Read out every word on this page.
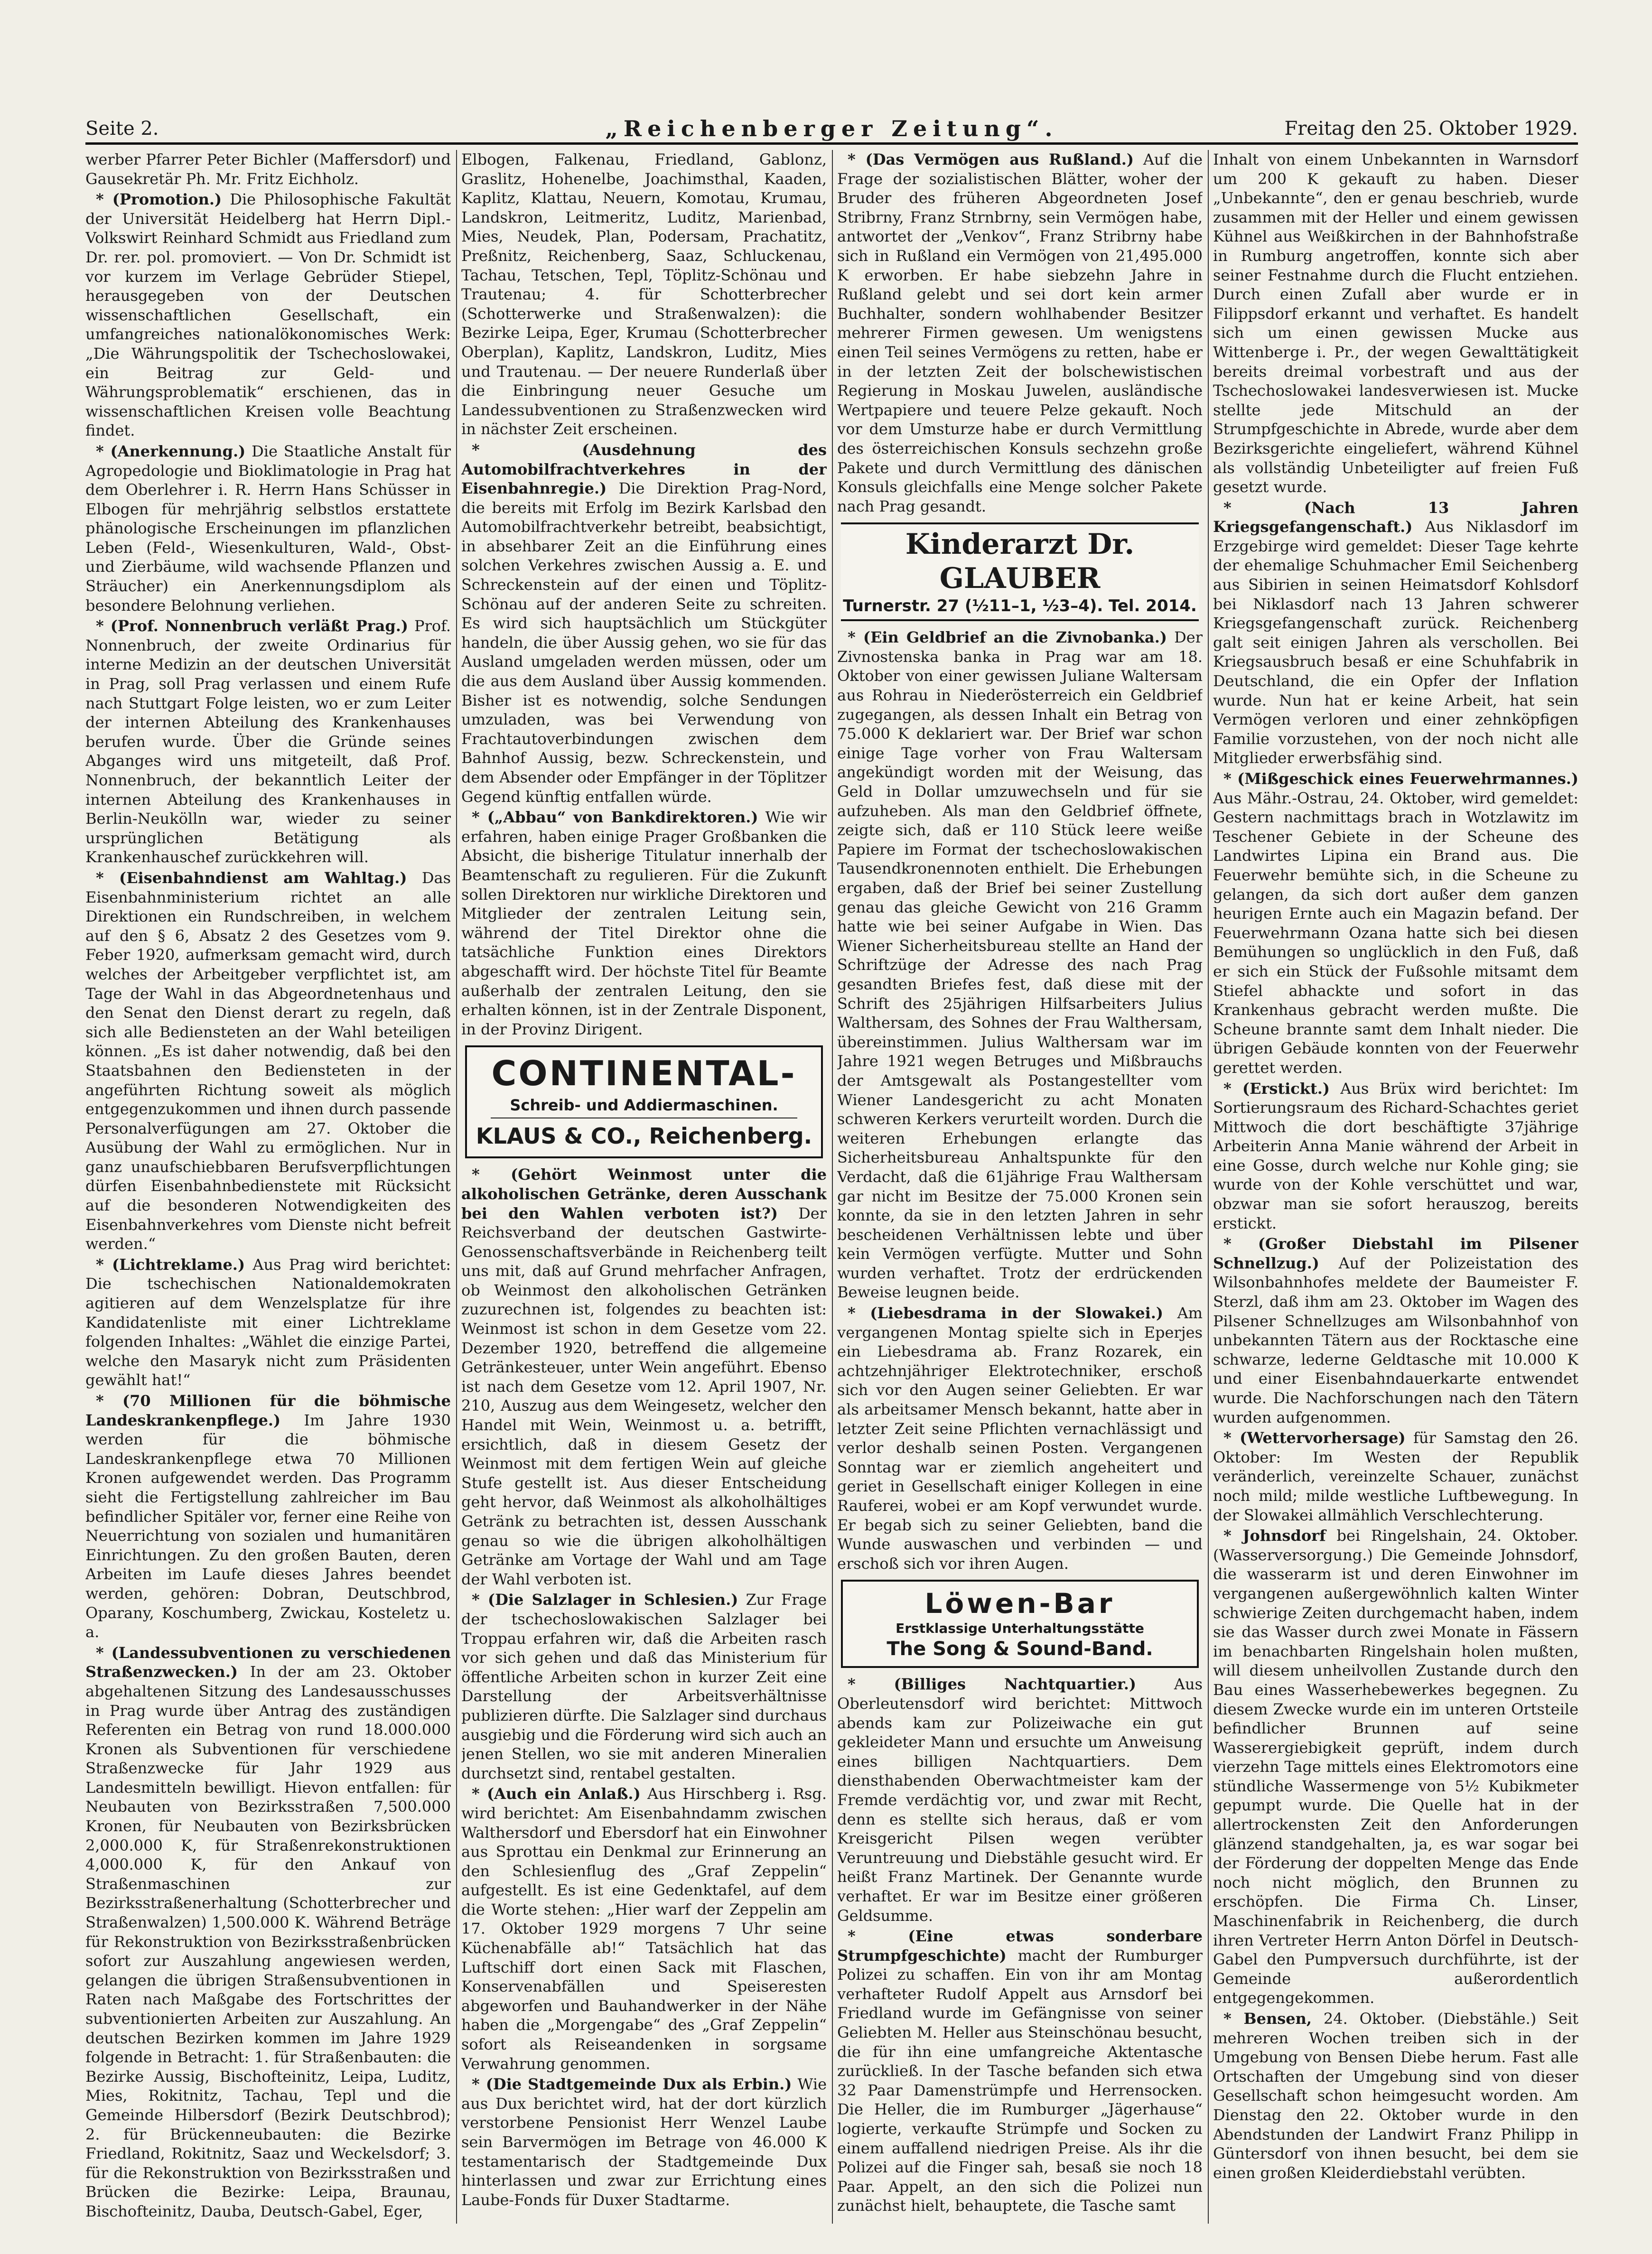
Seite 2.	„Reichenberger Zeitung“.	Freitag den 25. Oktober 1929.

werber Pfarrer Peter Bichler (Maffersdorf) und Gausekretär Ph. Mr. Fritz Eichholz.

* (Promotion.) Die Philosophische Fakultät der Universität Heidelberg hat Herrn Dipl.-Volkswirt Reinhard Schmidt aus Friedland zum Dr. rer. pol. promoviert. — Von Dr. Schmidt ist vor kurzem im Verlage Gebrüder Stiepel, herausgegeben von der Deutschen wissenschaftlichen Gesellschaft, ein umfangreiches nationalökonomisches Werk: „Die Währungspolitik der Tschechoslowakei, ein Beitrag zur Geld- und Währungsproblematik“ erschienen, das in wissenschaftlichen Kreisen volle Beachtung findet.

* (Anerkennung.) Die Staatliche Anstalt für Agropedologie und Bioklimatologie in Prag hat dem Oberlehrer i. R. Herrn Hans Schüsser in Elbogen für mehrjährig selbstlos erstattete phänologische Erscheinungen im pflanzlichen Leben (Feld-, Wiesenkulturen, Wald-, Obst- und Zierbäume, wild wachsende Pflanzen und Sträucher) ein Anerkennungsdiplom als besondere Belohnung verliehen.

* (Prof. Nonnenbruch verläßt Prag.) Prof. Nonnenbruch, der zweite Ordinarius für interne Medizin an der deutschen Universität in Prag, soll Prag verlassen und einem Rufe nach Stuttgart Folge leisten, wo er zum Leiter der internen Abteilung des Krankenhauses berufen wurde. Über die Gründe seines Abganges wird uns mitgeteilt, daß Prof. Nonnenbruch, der bekanntlich Leiter der internen Abteilung des Krankenhauses in Berlin-Neukölln war, wieder zu seiner ursprünglichen Betätigung als Krankenhauschef zurückkehren will.

* (Eisenbahndienst am Wahltag.) Das Eisenbahnministerium richtet an alle Direktionen ein Rundschreiben, in welchem auf den § 6, Absatz 2 des Gesetzes vom 9. Feber 1920, aufmerksam gemacht wird, durch welches der Arbeitgeber verpflichtet ist, am Tage der Wahl in das Abgeordnetenhaus und den Senat den Dienst derart zu regeln, daß sich alle Bediensteten an der Wahl beteiligen können. „Es ist daher notwendig, daß bei den Staatsbahnen den Bediensteten in der angeführten Richtung soweit als möglich entgegenzukommen und ihnen durch passende Personalverfügungen am 27. Oktober die Ausübung der Wahl zu ermöglichen. Nur in ganz unaufschiebbaren Berufsverpflichtungen dürfen Eisenbahnbedienstete mit Rücksicht auf die besonderen Notwendigkeiten des Eisenbahnverkehres vom Dienste nicht befreit werden.“

* (Lichtreklame.) Aus Prag wird berichtet: Die tschechischen Nationaldemokraten agitieren auf dem Wenzelsplatze für ihre Kandidatenliste mit einer Lichtreklame folgenden Inhaltes: „Wählet die einzige Partei, welche den Masaryk nicht zum Präsidenten gewählt hat!“

* (70 Millionen für die böhmische Landeskrankenpflege.) Im Jahre 1930 werden für die böhmische Landeskrankenpflege etwa 70 Millionen Kronen aufgewendet werden. Das Programm sieht die Fertigstellung zahlreicher im Bau befindlicher Spitäler vor, ferner eine Reihe von Neuerrichtung von sozialen und humanitären Einrichtungen. Zu den großen Bauten, deren Arbeiten im Laufe dieses Jahres beendet werden, gehören: Dobran, Deutschbrod, Oparany, Koschumberg, Zwickau, Kosteletz u. a.

* (Landessubventionen zu verschiedenen Straßenzwecken.) In der am 23. Oktober abgehaltenen Sitzung des Landesausschusses in Prag wurde über Antrag des zuständigen Referenten ein Betrag von rund 18.000.000 Kronen als Subventionen für verschiedene Straßenzwecke für Jahr 1929 aus Landesmitteln bewilligt. Hievon entfallen: für Neubauten von Bezirksstraßen 7,500.000 Kronen, für Neubauten von Bezirksbrücken 2,000.000 K, für Straßenrekonstruktionen 4,000.000 K, für den Ankauf von Straßenmaschinen zur Bezirksstraßenerhaltung (Schotterbrecher und Straßenwalzen) 1,500.000 K. Während Beträge für Rekonstruktion von Bezirksstraßenbrücken sofort zur Auszahlung angewiesen werden, gelangen die übrigen Straßensubventionen in Raten nach Maßgabe des Fortschrittes der subventionierten Arbeiten zur Auszahlung. An deutschen Bezirken kommen im Jahre 1929 folgende in Betracht: 1. für Straßenbauten: die Bezirke Aussig, Bischofteinitz, Leipa, Luditz, Mies, Rokitnitz, Tachau, Tepl und die Gemeinde Hilbersdorf (Bezirk Deutschbrod); 2. für Brückenneubauten: die Bezirke Friedland, Rokitnitz, Saaz und Weckelsdorf; 3. für die Rekonstruktion von Bezirksstraßen und Brücken die Bezirke: Leipa, Braunau, Bischofteinitz, Dauba, Deutsch-Gabel, Eger,

Elbogen, Falkenau, Friedland, Gablonz, Graslitz, Hohenelbe, Joachimsthal, Kaaden, Kaplitz, Klattau, Neuern, Komotau, Krumau, Landskron, Leitmeritz, Luditz, Marienbad, Mies, Neudek, Plan, Podersam, Prachatitz, Preßnitz, Reichenberg, Saaz, Schluckenau, Tachau, Tetschen, Tepl, Töplitz-Schönau und Trautenau; 4. für Schotterbrecher (Schotterwerke und Straßenwalzen): die Bezirke Leipa, Eger, Krumau (Schotterbrecher Oberplan), Kaplitz, Landskron, Luditz, Mies und Trautenau. — Der neuere Runderlaß über die Einbringung neuer Gesuche um Landessubventionen zu Straßenzwecken wird in nächster Zeit erscheinen.

* (Ausdehnung des Automobilfrachtverkehres in der Eisenbahnregie.) Die Direktion Prag-Nord, die bereits mit Erfolg im Bezirk Karlsbad den Automobilfrachtverkehr betreibt, beabsichtigt, in absehbarer Zeit an die Einführung eines solchen Verkehres zwischen Aussig a. E. und Schreckenstein auf der einen und Töplitz-Schönau auf der anderen Seite zu schreiten. Es wird sich hauptsächlich um Stückgüter handeln, die über Aussig gehen, wo sie für das Ausland umgeladen werden müssen, oder um die aus dem Ausland über Aussig kommenden. Bisher ist es notwendig, solche Sendungen umzuladen, was bei Verwendung von Frachtautoverbindungen zwischen dem Bahnhof Aussig, bezw. Schreckenstein, und dem Absender oder Empfänger in der Töplitzer Gegend künftig entfallen würde.

* („Abbau“ von Bankdirektoren.) Wie wir erfahren, haben einige Prager Großbanken die Absicht, die bisherige Titulatur innerhalb der Beamtenschaft zu regulieren. Für die Zukunft sollen Direktoren nur wirkliche Direktoren und Mitglieder der zentralen Leitung sein, während der Titel Direktor ohne die tatsächliche Funktion eines Direktors abgeschafft wird. Der höchste Titel für Beamte außerhalb der zentralen Leitung, den sie erhalten können, ist in der Zentrale Disponent, in der Provinz Dirigent.

CONTINENTAL-
Schreib- und Addiermaschinen.
KLAUS & CO., Reichenberg.

* (Gehört Weinmost unter die alkoholischen Getränke, deren Ausschank bei den Wahlen verboten ist?) Der Reichsverband der deutschen Gastwirte-Genossenschaftsverbände in Reichenberg teilt uns mit, daß auf Grund mehrfacher Anfragen, ob Weinmost den alkoholischen Getränken zuzurechnen ist, folgendes zu beachten ist: Weinmost ist schon in dem Gesetze vom 22. Dezember 1920, betreffend die allgemeine Getränkesteuer, unter Wein angeführt. Ebenso ist nach dem Gesetze vom 12. April 1907, Nr. 210, Auszug aus dem Weingesetz, welcher den Handel mit Wein, Weinmost u. a. betrifft, ersichtlich, daß in diesem Gesetz der Weinmost mit dem fertigen Wein auf gleiche Stufe gestellt ist. Aus dieser Entscheidung geht hervor, daß Weinmost als alkoholhältiges Getränk zu betrachten ist, dessen Ausschank genau so wie die übrigen alkoholhältigen Getränke am Vortage der Wahl und am Tage der Wahl verboten ist.

* (Die Salzlager in Schlesien.) Zur Frage der tschechoslowakischen Salzlager bei Troppau erfahren wir, daß die Arbeiten rasch vor sich gehen und daß das Ministerium für öffentliche Arbeiten schon in kurzer Zeit eine Darstellung der Arbeitsverhältnisse publizieren dürfte. Die Salzlager sind durchaus ausgiebig und die Förderung wird sich auch an jenen Stellen, wo sie mit anderen Mineralien durchsetzt sind, rentabel gestalten.

* (Auch ein Anlaß.) Aus Hirschberg i. Rsg. wird berichtet: Am Eisenbahndamm zwischen Walthersdorf und Ebersdorf hat ein Einwohner aus Sprottau ein Denkmal zur Erinnerung an den Schlesienflug des „Graf Zeppelin“ aufgestellt. Es ist eine Gedenktafel, auf dem die Worte stehen: „Hier warf der Zeppelin am 17. Oktober 1929 morgens 7 Uhr seine Küchenabfälle ab!“ Tatsächlich hat das Luftschiff dort einen Sack mit Flaschen, Konservenabfällen und Speiseresten abgeworfen und Bauhandwerker in der Nähe haben die „Morgengabe“ des „Graf Zeppelin“ sofort als Reiseandenken in sorgsame Verwahrung genommen.

* (Die Stadtgemeinde Dux als Erbin.) Wie aus Dux berichtet wird, hat der dort kürzlich verstorbene Pensionist Herr Wenzel Laube sein Barvermögen im Betrage von 46.000 K testamentarisch der Stadtgemeinde Dux hinterlassen und zwar zur Errichtung eines Laube-Fonds für Duxer Stadtarme.

* (Das Vermögen aus Rußland.) Auf die Frage der sozialistischen Blätter, woher der Bruder des früheren Abgeordneten Josef Stribrny, Franz Strnbrny, sein Vermögen habe, antwortet der „Venkov“, Franz Stribrny habe sich in Rußland ein Vermögen von 21,495.000 K erworben. Er habe siebzehn Jahre in Rußland gelebt und sei dort kein armer Buchhalter, sondern wohlhabender Besitzer mehrerer Firmen gewesen. Um wenigstens einen Teil seines Vermögens zu retten, habe er in der letzten Zeit der bolschewistischen Regierung in Moskau Juwelen, ausländische Wertpapiere und teuere Pelze gekauft. Noch vor dem Umsturze habe er durch Vermittlung des österreichischen Konsuls sechzehn große Pakete und durch Vermittlung des dänischen Konsuls gleichfalls eine Menge solcher Pakete nach Prag gesandt.

Kinderarzt Dr. GLAUBER
Turnerstr. 27 (½11–1, ½3–4). Tel. 2014.

* (Ein Geldbrief an die Zivnobanka.) Der Zivnostenska banka in Prag war am 18. Oktober von einer gewissen Juliane Waltersam aus Rohrau in Niederösterreich ein Geldbrief zugegangen, als dessen Inhalt ein Betrag von 75.000 K deklariert war. Der Brief war schon einige Tage vorher von Frau Waltersam angekündigt worden mit der Weisung, das Geld in Dollar umzuwechseln und für sie aufzuheben. Als man den Geldbrief öffnete, zeigte sich, daß er 110 Stück leere weiße Papiere im Format der tschechoslowakischen Tausendkronennoten enthielt. Die Erhebungen ergaben, daß der Brief bei seiner Zustellung genau das gleiche Gewicht von 216 Gramm hatte wie bei seiner Aufgabe in Wien. Das Wiener Sicherheitsbureau stellte an Hand der Schriftzüge der Adresse des nach Prag gesandten Briefes fest, daß diese mit der Schrift des 25jährigen Hilfsarbeiters Julius Walthersam, des Sohnes der Frau Walthersam, übereinstimmen. Julius Walthersam war im Jahre 1921 wegen Betruges und Mißbrauchs der Amtsgewalt als Postangestellter vom Wiener Landesgericht zu acht Monaten schweren Kerkers verurteilt worden. Durch die weiteren Erhebungen erlangte das Sicherheitsbureau Anhaltspunkte für den Verdacht, daß die 61jährige Frau Walthersam gar nicht im Besitze der 75.000 Kronen sein konnte, da sie in den letzten Jahren in sehr bescheidenen Verhältnissen lebte und über kein Vermögen verfügte. Mutter und Sohn wurden verhaftet. Trotz der erdrückenden Beweise leugnen beide.

* (Liebesdrama in der Slowakei.) Am vergangenen Montag spielte sich in Eperjes ein Liebesdrama ab. Franz Rozarek, ein achtzehnjähriger Elektrotechniker, erschoß sich vor den Augen seiner Geliebten. Er war als arbeitsamer Mensch bekannt, hatte aber in letzter Zeit seine Pflichten vernachlässigt und verlor deshalb seinen Posten. Vergangenen Sonntag war er ziemlich angeheitert und geriet in Gesellschaft einiger Kollegen in eine Rauferei, wobei er am Kopf verwundet wurde. Er begab sich zu seiner Geliebten, band die Wunde auswaschen und verbinden — und erschoß sich vor ihren Augen.

Löwen-Bar
Erstklassige Unterhaltungsstätte
The Song & Sound-Band.

* (Billiges Nachtquartier.) Aus Oberleutensdorf wird berichtet: Mittwoch abends kam zur Polizeiwache ein gut gekleideter Mann und ersuchte um Anweisung eines billigen Nachtquartiers. Dem diensthabenden Oberwachtmeister kam der Fremde verdächtig vor, und zwar mit Recht, denn es stellte sich heraus, daß er vom Kreisgericht Pilsen wegen verübter Veruntreuung und Diebstähle gesucht wird. Er heißt Franz Martinek. Der Genannte wurde verhaftet. Er war im Besitze einer größeren Geldsumme.

* (Eine etwas sonderbare Strumpfgeschichte) macht der Rumburger Polizei zu schaffen. Ein von ihr am Montag verhafteter Rudolf Appelt aus Arnsdorf bei Friedland wurde im Gefängnisse von seiner Geliebten M. Heller aus Steinschönau besucht, die für ihn eine umfangreiche Aktentasche zurückließ. In der Tasche befanden sich etwa 32 Paar Damenstrümpfe und Herrensocken. Die Heller, die im Rumburger „Jägerhause“ logierte, verkaufte Strümpfe und Socken zu einem auffallend niedrigen Preise. Als ihr die Polizei auf die Finger sah, besaß sie noch 18 Paar. Appelt, an den sich die Polizei nun zunächst hielt, behauptete, die Tasche samt

Inhalt von einem Unbekannten in Warnsdorf um 200 K gekauft zu haben. Dieser „Unbekannte“, den er genau beschrieb, wurde zusammen mit der Heller und einem gewissen Kühnel aus Weißkirchen in der Bahnhofstraße in Rumburg angetroffen, konnte sich aber seiner Festnahme durch die Flucht entziehen. Durch einen Zufall aber wurde er in Filippsdorf erkannt und verhaftet. Es handelt sich um einen gewissen Mucke aus Wittenberge i. Pr., der wegen Gewalttätigkeit bereits dreimal vorbestraft und aus der Tschechoslowakei landesverwiesen ist. Mucke stellte jede Mitschuld an der Strumpfgeschichte in Abrede, wurde aber dem Bezirksgerichte eingeliefert, während Kühnel als vollständig Unbeteiligter auf freien Fuß gesetzt wurde.

* (Nach 13 Jahren Kriegsgefangenschaft.) Aus Niklasdorf im Erzgebirge wird gemeldet: Dieser Tage kehrte der ehemalige Schuhmacher Emil Seichenberg aus Sibirien in seinen Heimatsdorf Kohlsdorf bei Niklasdorf nach 13 Jahren schwerer Kriegsgefangenschaft zurück. Reichenberg galt seit einigen Jahren als verschollen. Bei Kriegsausbruch besaß er eine Schuhfabrik in Deutschland, die ein Opfer der Inflation wurde. Nun hat er keine Arbeit, hat sein Vermögen verloren und einer zehnköpfigen Familie vorzustehen, von der noch nicht alle Mitglieder erwerbsfähig sind.

* (Mißgeschick eines Feuerwehrmannes.) Aus Mähr.-Ostrau, 24. Oktober, wird gemeldet: Gestern nachmittags brach in Wotzlawitz im Teschener Gebiete in der Scheune des Landwirtes Lipina ein Brand aus. Die Feuerwehr bemühte sich, in die Scheune zu gelangen, da sich dort außer dem ganzen heurigen Ernte auch ein Magazin befand. Der Feuerwehrmann Ozana hatte sich bei diesen Bemühungen so unglücklich in den Fuß, daß er sich ein Stück der Fußsohle mitsamt dem Stiefel abhackte und sofort in das Krankenhaus gebracht werden mußte. Die Scheune brannte samt dem Inhalt nieder. Die übrigen Gebäude konnten von der Feuerwehr gerettet werden.

* (Erstickt.) Aus Brüx wird berichtet: Im Sortierungsraum des Richard-Schachtes geriet Mittwoch die dort beschäftigte 37jährige Arbeiterin Anna Manie während der Arbeit in eine Gosse, durch welche nur Kohle ging; sie wurde von der Kohle verschüttet und war, obzwar man sie sofort herauszog, bereits erstickt.

* (Großer Diebstahl im Pilsener Schnellzug.) Auf der Polizeistation des Wilsonbahnhofes meldete der Baumeister F. Sterzl, daß ihm am 23. Oktober im Wagen des Pilsener Schnellzuges am Wilsonbahnhof von unbekannten Tätern aus der Rocktasche eine schwarze, lederne Geldtasche mit 10.000 K und einer Eisenbahndauerkarte entwendet wurde. Die Nachforschungen nach den Tätern wurden aufgenommen.

* (Wettervorhersage) für Samstag den 26. Oktober: Im Westen der Republik veränderlich, vereinzelte Schauer, zunächst noch mild; milde westliche Luftbewegung. In der Slowakei allmählich Verschlechterung.

* Johnsdorf bei Ringelshain, 24. Oktober. (Wasserversorgung.) Die Gemeinde Johnsdorf, die wasserarm ist und deren Einwohner im vergangenen außergewöhnlich kalten Winter schwierige Zeiten durchgemacht haben, indem sie das Wasser durch zwei Monate in Fässern im benachbarten Ringelshain holen mußten, will diesem unheilvollen Zustande durch den Bau eines Wasserhebewerkes begegnen. Zu diesem Zwecke wurde ein im unteren Ortsteile befindlicher Brunnen auf seine Wasserergiebigkeit geprüft, indem durch vierzehn Tage mittels eines Elektromotors eine stündliche Wassermenge von 5½ Kubikmeter gepumpt wurde. Die Quelle hat in der allertrockensten Zeit den Anforderungen glänzend standgehalten, ja, es war sogar bei der Förderung der doppelten Menge das Ende noch nicht möglich, den Brunnen zu erschöpfen. Die Firma Ch. Linser, Maschinenfabrik in Reichenberg, die durch ihren Vertreter Herrn Anton Dörfel in Deutsch-Gabel den Pumpversuch durchführte, ist der Gemeinde außerordentlich entgegengekommen.

* Bensen, 24. Oktober. (Diebstähle.) Seit mehreren Wochen treiben sich in der Umgebung von Bensen Diebe herum. Fast alle Ortschaften der Umgebung sind von dieser Gesellschaft schon heimgesucht worden. Am Dienstag den 22. Oktober wurde in den Abendstunden der Landwirt Franz Philipp in Güntersdorf von ihnen besucht, bei dem sie einen großen Kleiderdiebstahl verübten.
